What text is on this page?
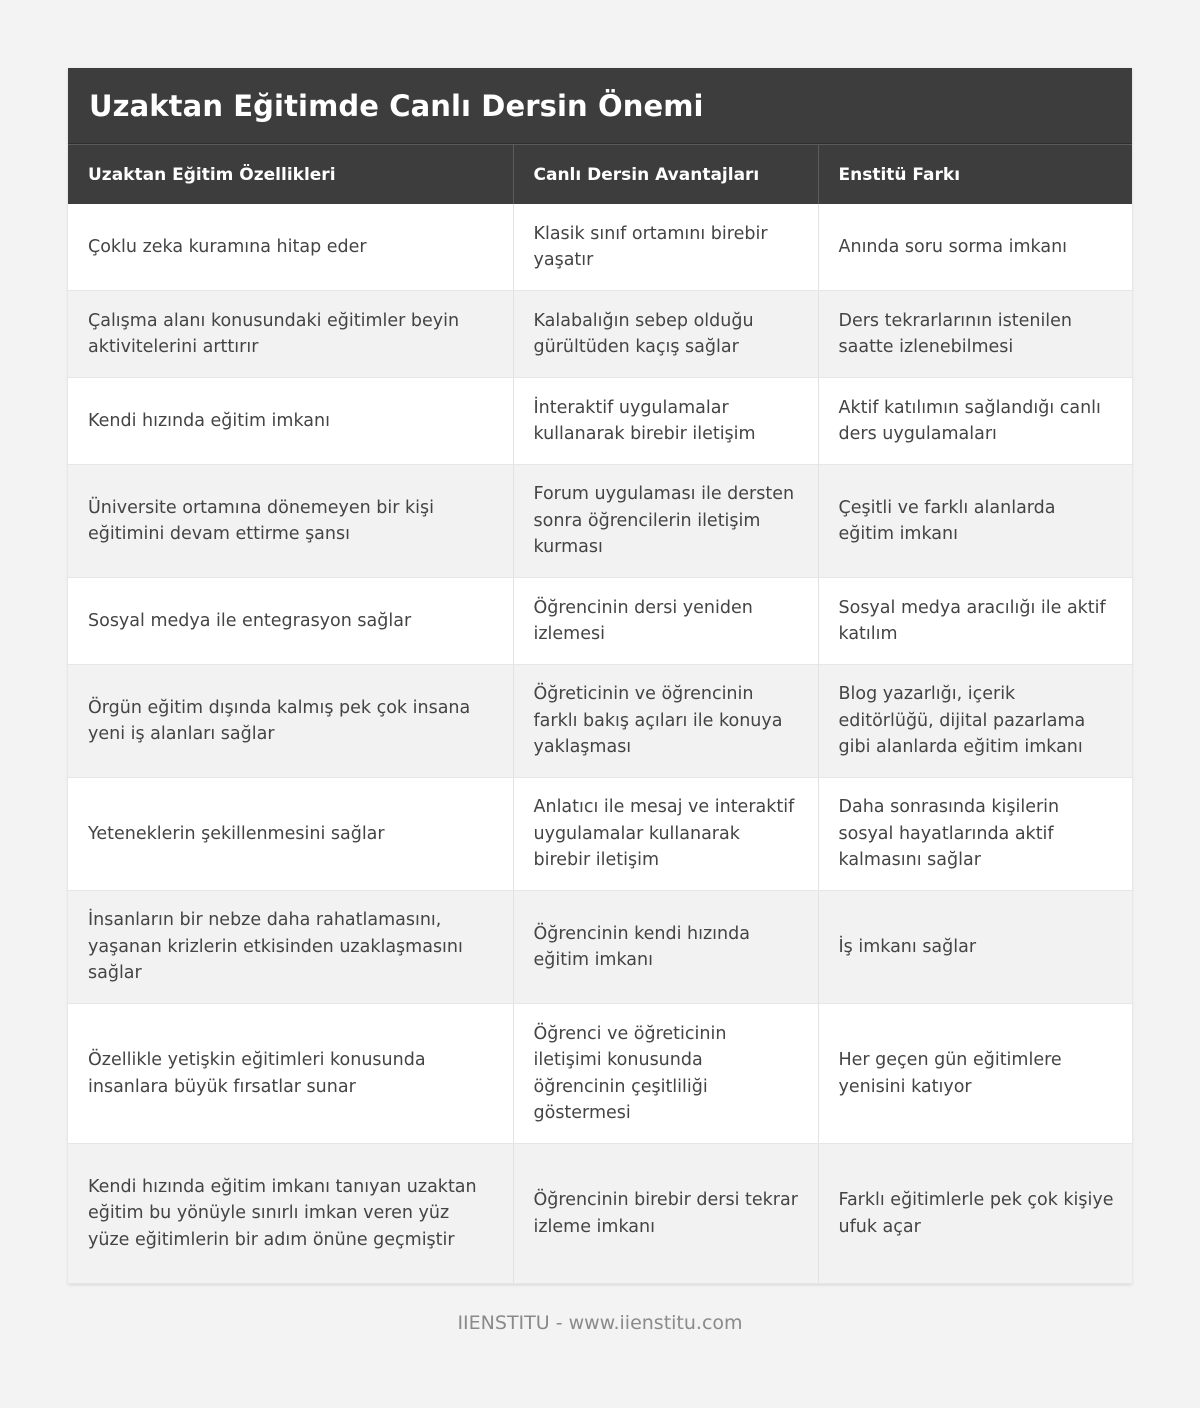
Uzaktan Eğitimde Canlı Dersin Önemi
Uzaktan Eğitim Özellikleri	Canlı Dersin Avantajları	Enstitü Farkı
Çoklu zeka kuramına hitap eder	Klasik sınıf ortamını birebir yaşatır	Anında soru sorma imkanı
Çalışma alanı konusundaki eğitimler beyin aktivitelerini arttırır	Kalabalığın sebep olduğu gürültüden kaçış sağlar	Ders tekrarlarının istenilen saatte izlenebilmesi
Kendi hızında eğitim imkanı	İnteraktif uygulamalar kullanarak birebir iletişim	Aktif katılımın sağlandığı canlı ders uygulamaları
Üniversite ortamına dönemeyen bir kişi eğitimini devam ettirme şansı	Forum uygulaması ile dersten sonra öğrencilerin iletişim kurması	Çeşitli ve farklı alanlarda eğitim imkanı
Sosyal medya ile entegrasyon sağlar	Öğrencinin dersi yeniden izlemesi	Sosyal medya aracılığı ile aktif katılım
Örgün eğitim dışında kalmış pek çok insana yeni iş alanları sağlar	Öğreticinin ve öğrencinin farklı bakış açıları ile konuya yaklaşması	Blog yazarlığı, içerik editörlüğü, dijital pazarlama gibi alanlarda eğitim imkanı
Yeteneklerin şekillenmesini sağlar	Anlatıcı ile mesaj ve interaktif uygulamalar kullanarak birebir iletişim	Daha sonrasında kişilerin sosyal hayatlarında aktif kalmasını sağlar
İnsanların bir nebze daha rahatlamasını, yaşanan krizlerin etkisinden uzaklaşmasını sağlar	Öğrencinin kendi hızında eğitim imkanı	İş imkanı sağlar
Özellikle yetişkin eğitimleri konusunda insanlara büyük fırsatlar sunar	Öğrenci ve öğreticinin iletişimi konusunda öğrencinin çeşitliliği göstermesi	Her geçen gün eğitimlere yenisini katıyor
Kendi hızında eğitim imkanı tanıyan uzaktan eğitim bu yönüyle sınırlı imkan veren yüz yüze eğitimlerin bir adım önüne geçmiştir	Öğrencinin birebir dersi tekrar izleme imkanı	Farklı eğitimlerle pek çok kişiye ufuk açar
IIENSTITU - www.iienstitu.com
